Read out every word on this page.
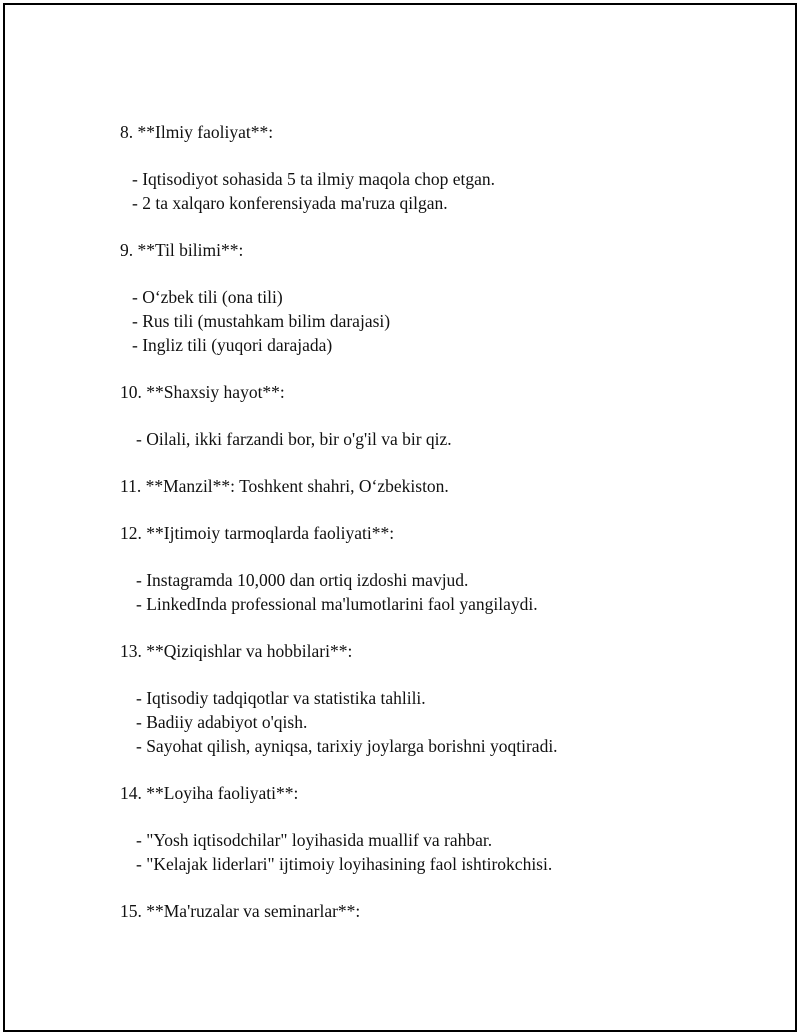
8. **Ilmiy faoliyat**:
- Iqtisodiyot sohasida 5 ta ilmiy maqola chop etgan.
- 2 ta xalqaro konferensiyada ma'ruza qilgan.
9. **Til bilimi**:
- O‘zbek tili (ona tili)
- Rus tili (mustahkam bilim darajasi)
- Ingliz tili (yuqori darajada)
10. **Shaxsiy hayot**:
- Oilali, ikki farzandi bor, bir o'g'il va bir qiz.
11. **Manzil**: Toshkent shahri, O‘zbekiston.
12. **Ijtimoiy tarmoqlarda faoliyati**:
- Instagramda 10,000 dan ortiq izdoshi mavjud.
- LinkedInda professional ma'lumotlarini faol yangilaydi.
13. **Qiziqishlar va hobbilari**:
- Iqtisodiy tadqiqotlar va statistika tahlili.
- Badiiy adabiyot o'qish.
- Sayohat qilish, ayniqsa, tarixiy joylarga borishni yoqtiradi.
14. **Loyiha faoliyati**:
- "Yosh iqtisodchilar" loyihasida muallif va rahbar.
- "Kelajak liderlari" ijtimoiy loyihasining faol ishtirokchisi.
15. **Ma'ruzalar va seminarlar**:
